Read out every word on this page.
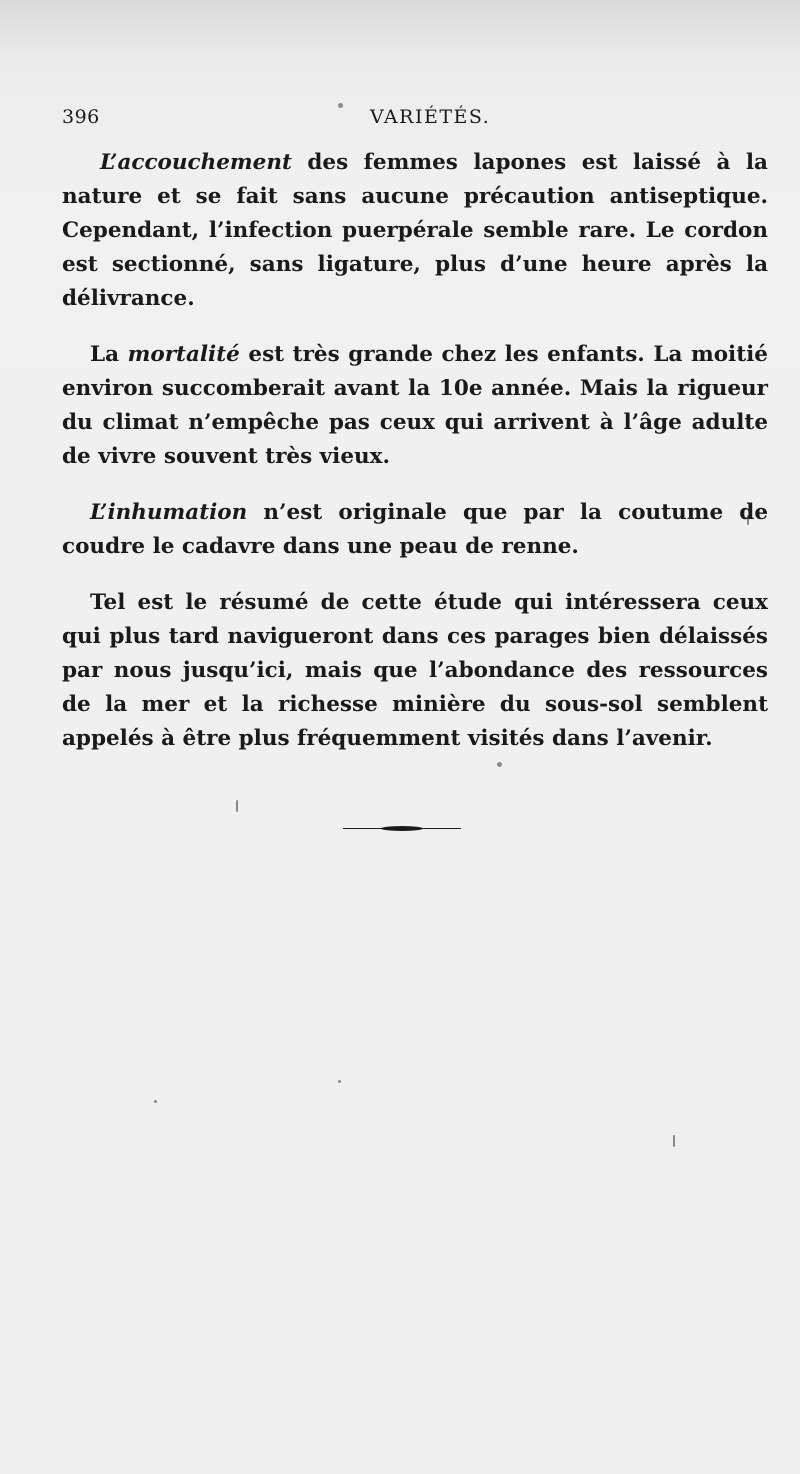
396	VARIÉTÉS.

L’accouchement des femmes lapones est laissé à la nature et se fait sans aucune précaution antiseptique. Cependant, l’infection puerpérale semble rare. Le cordon est sectionné, sans ligature, plus d’une heure après la délivrance.

La mortalité est très grande chez les enfants. La moitié environ succomberait avant la 10e année. Mais la rigueur du climat n’empêche pas ceux qui arrivent à l’âge adulte de vivre souvent très vieux.

L’inhumation n’est originale que par la coutume de coudre le cadavre dans une peau de renne.

Tel est le résumé de cette étude qui intéressera ceux qui plus tard navigueront dans ces parages bien délaissés par nous jusqu’ici, mais que l’abondance des ressources de la mer et la richesse minière du sous-sol semblent appelés à être plus fréquemment visités dans l’avenir.
